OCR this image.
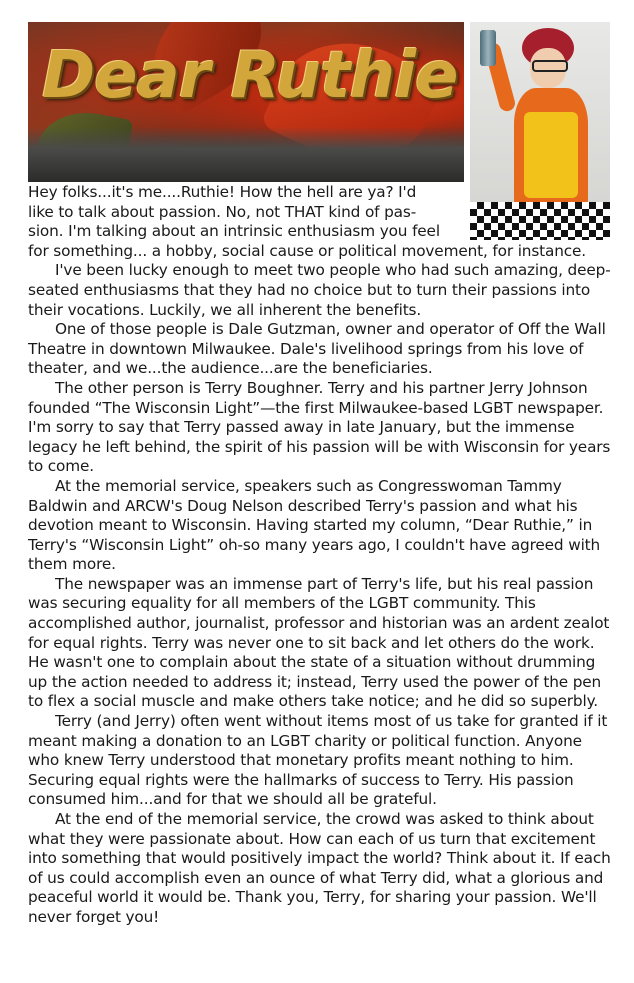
Dear Ruthie

Hey folks...it's me....Ruthie! How the hell are ya? I'd
like to talk about passion. No, not THAT kind of pas-
sion. I'm talking about an intrinsic enthusiasm you feel
for something... a hobby, social cause or political movement, for instance.

I've been lucky enough to meet two people who had such amazing, deep-seated enthusiasms that they had no choice but to turn their passions into their vocations. Luckily, we all inherent the benefits.

One of those people is Dale Gutzman, owner and operator of Off the Wall Theatre in downtown Milwaukee. Dale's livelihood springs from his love of theater, and we...the audience...are the beneficiaries.

The other person is Terry Boughner. Terry and his partner Jerry Johnson founded “The Wisconsin Light”—the first Milwaukee-based LGBT newspaper. I'm sorry to say that Terry passed away in late January, but the immense legacy he left behind, the spirit of his passion will be with Wisconsin for years to come.

At the memorial service, speakers such as Congresswoman Tammy Baldwin and ARCW's Doug Nelson described Terry's passion and what his devotion meant to Wisconsin. Having started my column, “Dear Ruthie,” in Terry's “Wisconsin Light” oh-so many years ago, I couldn't have agreed with them more.

The newspaper was an immense part of Terry's life, but his real passion was securing equality for all members of the LGBT community. This accomplished author, journalist, professor and historian was an ardent zealot for equal rights. Terry was never one to sit back and let others do the work. He wasn't one to complain about the state of a situation without drumming up the action needed to address it; instead, Terry used the power of the pen to flex a social muscle and make others take notice; and he did so superbly.

Terry (and Jerry) often went without items most of us take for granted if it meant making a donation to an LGBT charity or political function. Anyone who knew Terry understood that monetary profits meant nothing to him. Securing equal rights were the hallmarks of success to Terry. His passion consumed him...and for that we should all be grateful.

At the end of the memorial service, the crowd was asked to think about what they were passionate about. How can each of us turn that excitement into something that would positively impact the world? Think about it. If each of us could accomplish even an ounce of what Terry did, what a glorious and peaceful world it would be. Thank you, Terry, for sharing your passion. We'll never forget you!
